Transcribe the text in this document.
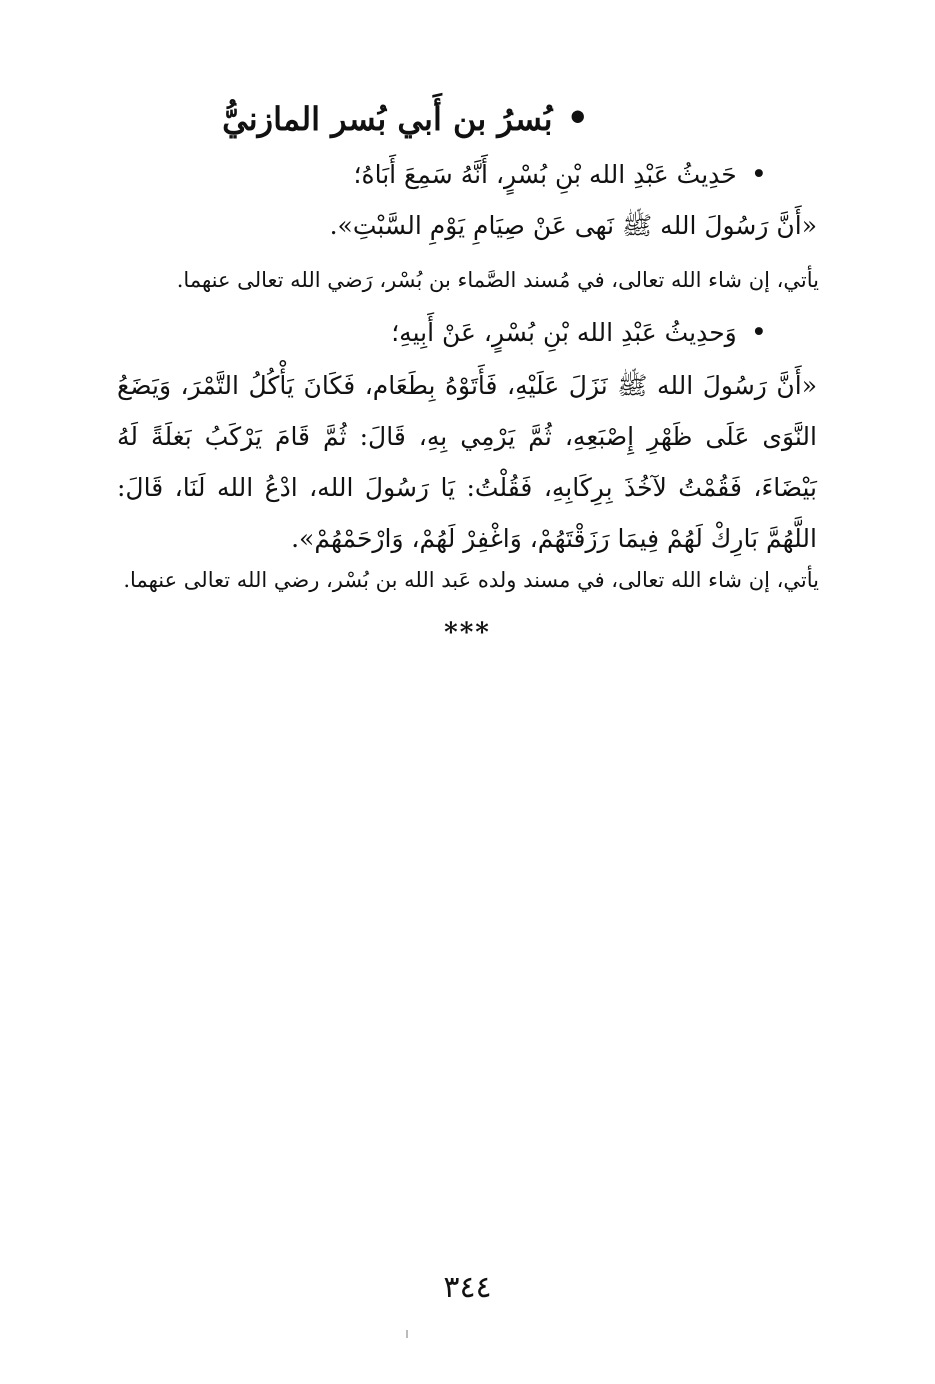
• بُسرُ بن أَبي بُسر المازنيُّ
• حَدِيثُ عَبْدِ الله بْنِ بُسْرٍ، أَنَّهُ سَمِعَ أَبَاهُ؛
«أَنَّ رَسُولَ الله ﷺ نَهى عَنْ صِيَامِ يَوْمِ السَّبْتِ».
يأتي، إن شاء الله تعالى، في مُسند الصَّماء بن بُسْر، رَضي الله تعالى عنهما.
• وَحدِيثُ عَبْدِ الله بْنِ بُسْرٍ، عَنْ أَبِيهِ؛
«أَنَّ رَسُولَ الله ﷺ نَزَلَ عَلَيْهِ، فَأَتَوْهُ بِطَعَام، فَكَانَ يَأْكُلُ التَّمْرَ، وَيَضَعُ النَّوَى عَلَى ظَهْرِ إِصْبَعِهِ، ثُمَّ يَرْمِي بِهِ، قَالَ: ثُمَّ قَامَ يَرْكَبُ بَغلَةً لَهُ بَيْضَاءَ، فَقُمْتُ لآخُذَ بِرِكَابِهِ، فَقُلْتُ: يَا رَسُولَ الله، ادْعُ الله لَنَا، قَالَ: اللَّهُمَّ بَارِكْ لَهُمْ فِيمَا رَزَقْتَهُمْ، وَاغْفِرْ لَهُمْ، وَارْحَمْهُمْ».
يأتي، إن شاء الله تعالى، في مسند ولده عَبد الله بن بُسْر، رضي الله تعالى عنهما.
***
٣٤٤
